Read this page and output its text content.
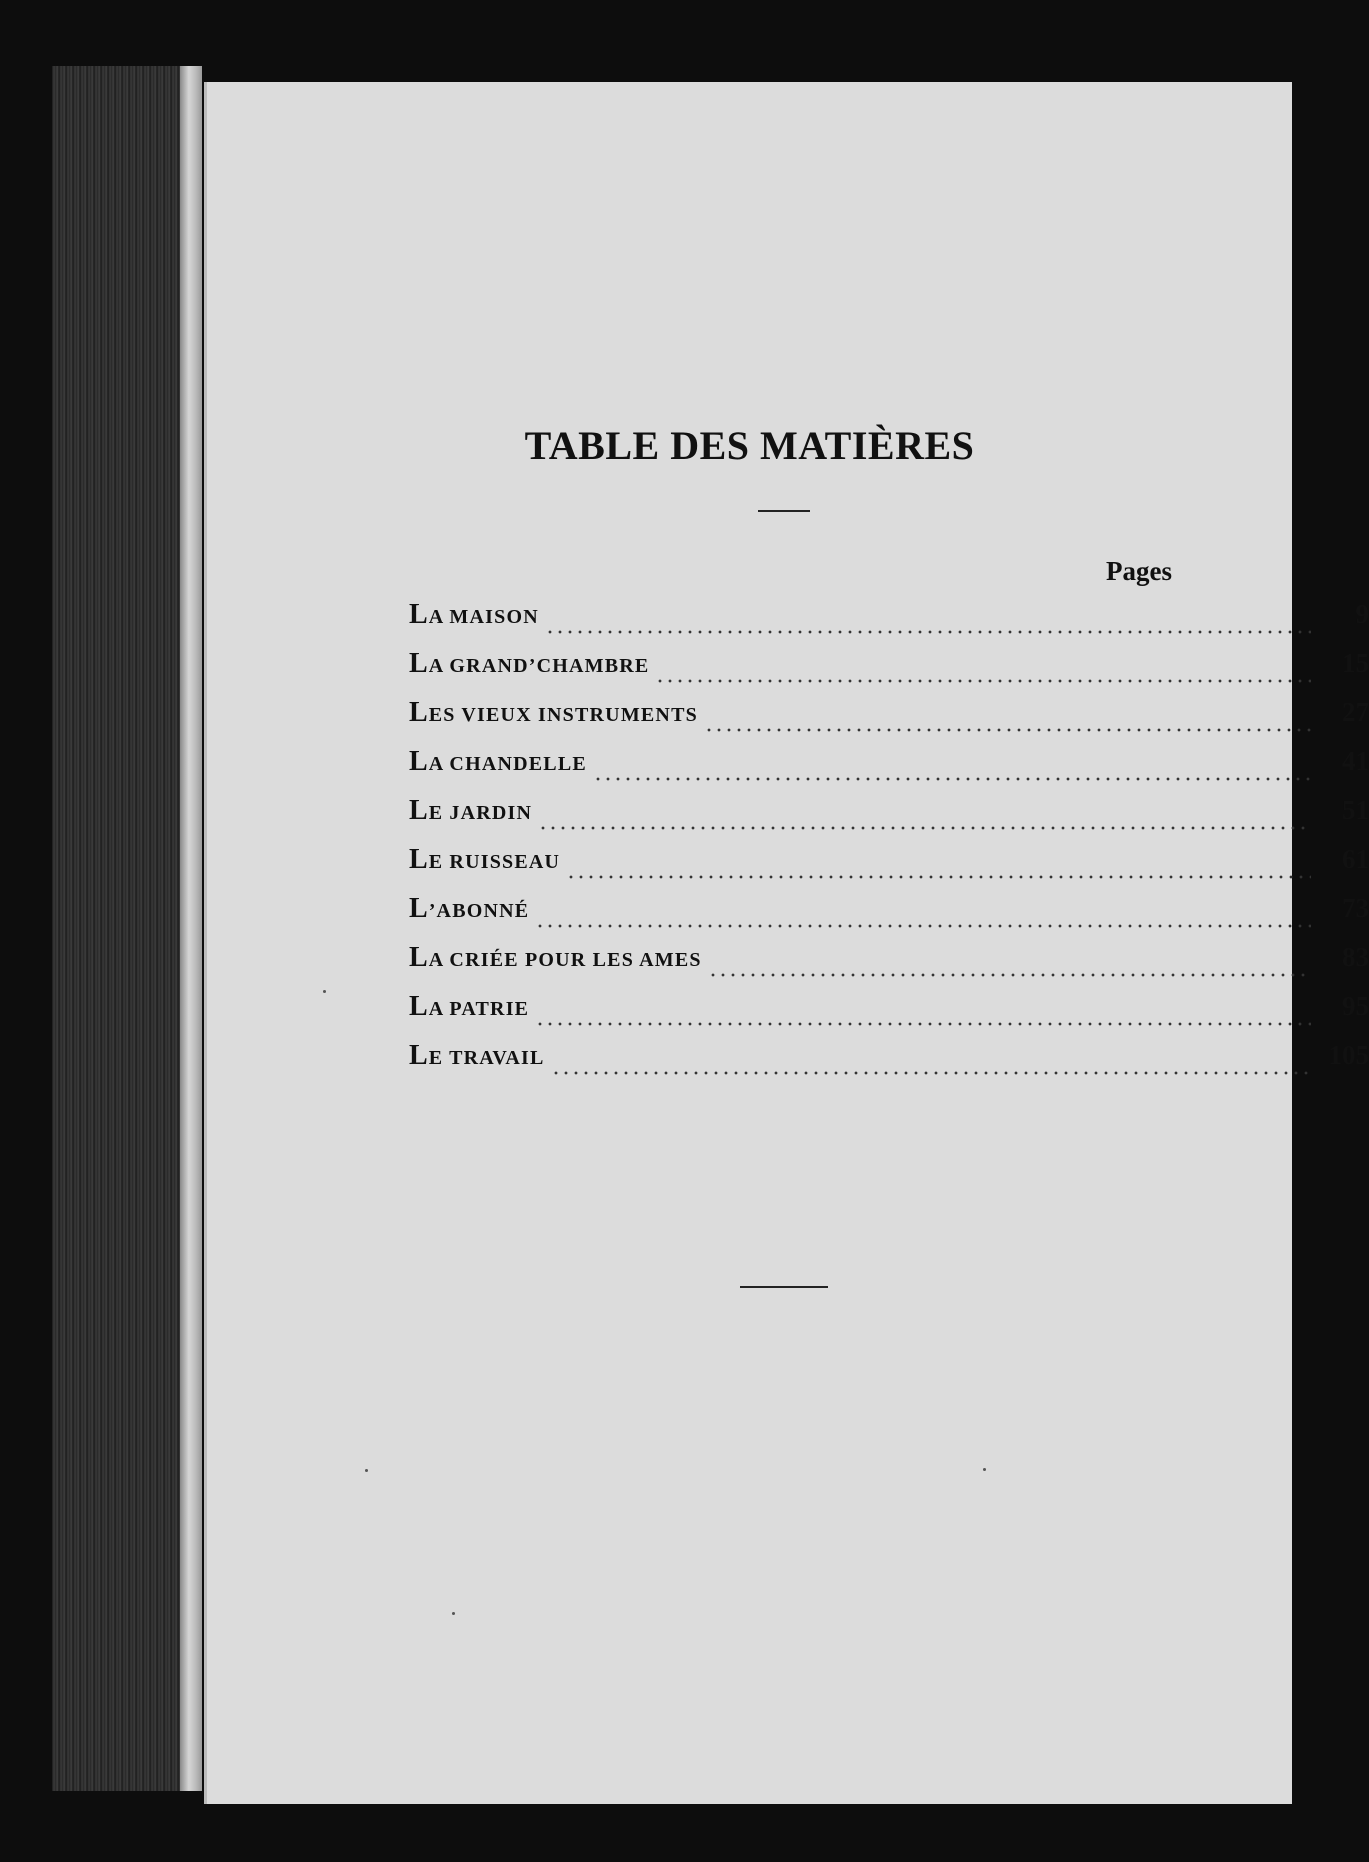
TABLE DES MATIÈRES
Pages
LA MAISON	9
LA GRAND’CHAMBRE	15
LES VIEUX INSTRUMENTS	27
LA CHANDELLE	41
LE JARDIN	51
LE RUISSEAU	61
L’ABONNÉ	73
LA CRIÉE POUR LES AMES	83
LA PATRIE	95
LE TRAVAIL	105
